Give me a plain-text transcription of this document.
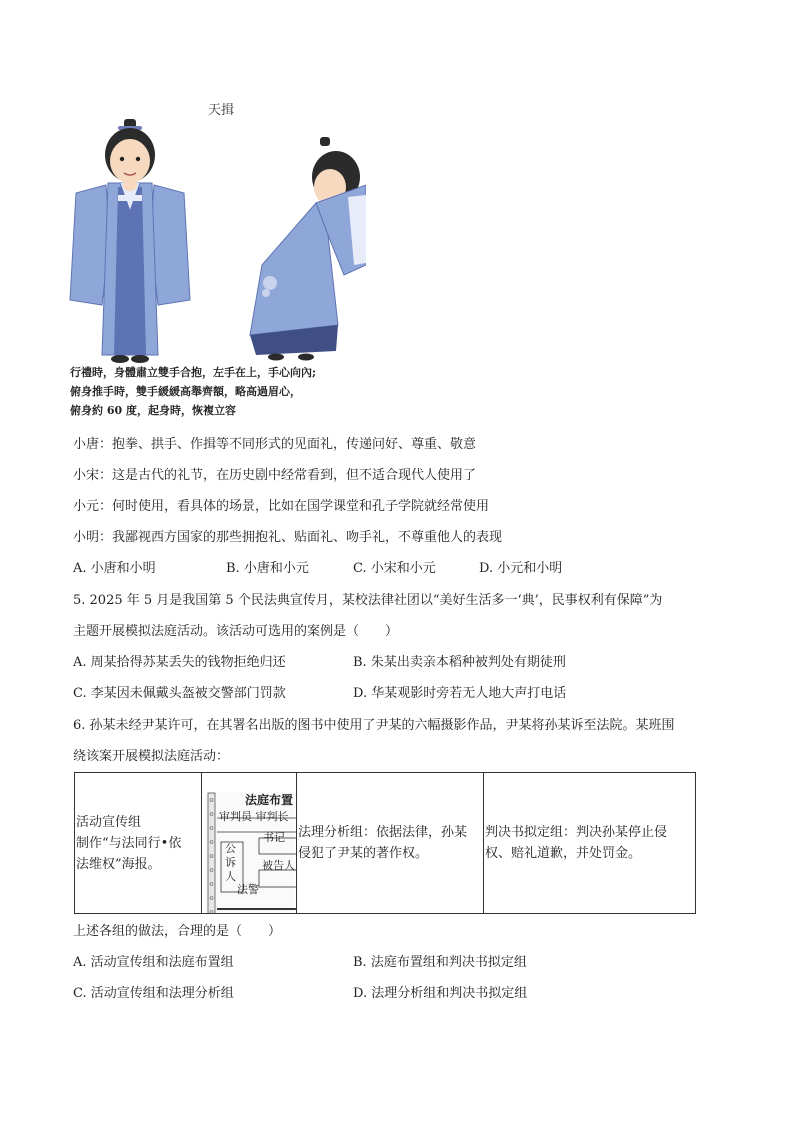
天揖
行禮時，身體肅立雙手合抱，左手在上，手心向內;
俯身推手時，雙手緩緩高舉齊額，略高過眉心，
俯身約 60 度，起身時，恢複立容
小唐：抱拳、拱手、作揖等不同形式的见面礼，传递问好、尊重、敬意
小宋：这是古代的礼节，在历史剧中经常看到，但不适合现代人使用了
小元：何时使用，看具体的场景，比如在国学课堂和孔子学院就经常使用
小明：我鄙视西方国家的那些拥抱礼、贴面礼、吻手礼，不尊重他人的表现
A. 小唐和小明	B. 小唐和小元	C. 小宋和小元	D. 小元和小明
5. 2025 年 5 月是我国第 5 个民法典宣传月，某校法律社团以“美好生活多一‘典’，民事权利有保障”为
主题开展模拟法庭活动。该活动可选用的案例是（　　）
A. 周某拾得苏某丢失的钱物拒绝归还	B. 朱某出卖亲本稻种被判处有期徒刑
C. 李某因未佩戴头盔被交警部门罚款	D. 华某观影时旁若无人地大声打电话
6. 孙某未经尹某许可，在其署名出版的图书中使用了尹某的六幅摄影作品，尹某将孙某诉至法院。某班围
绕该案开展模拟法庭活动：
活动宣传组
制作“与法同行•依
法维权”海报。

法庭布置
审判员 审判长
书记
公诉人
被告人
法警

法理分析组：依据法律，孙某
侵犯了尹某的著作权。

判决书拟定组：判决孙某停止侵
权、赔礼道歉，并处罚金。
上述各组的做法，合理的是（　　）
A. 活动宣传组和法庭布置组	B. 法庭布置组和判决书拟定组
C. 活动宣传组和法理分析组	D. 法理分析组和判决书拟定组
